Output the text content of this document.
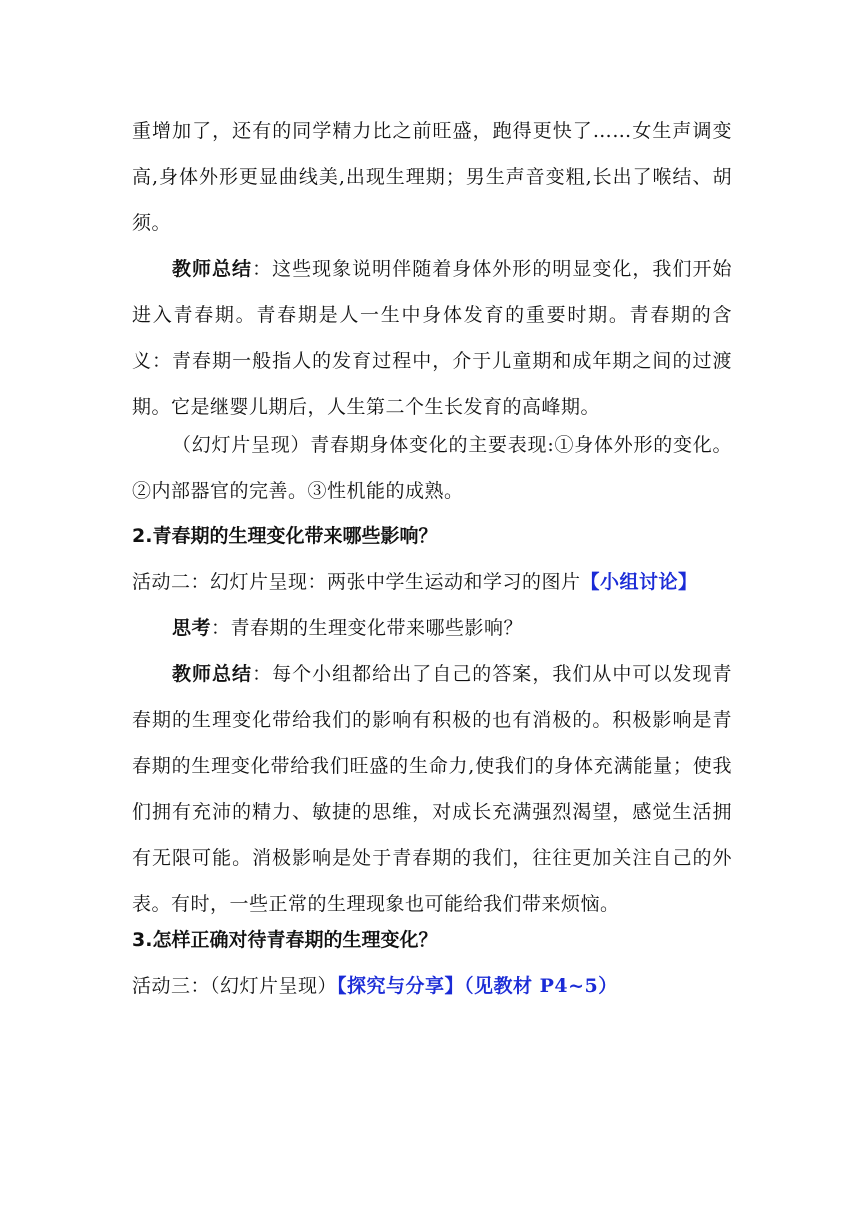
重增加了，还有的同学精力比之前旺盛，跑得更快了……女生声调变高,身体外形更显曲线美,出现生理期；男生声音变粗,长出了喉结、胡须。

教师总结：这些现象说明伴随着身体外形的明显变化，我们开始进入青春期。青春期是人一生中身体发育的重要时期。青春期的含义：青春期一般指人的发育过程中，介于儿童期和成年期之间的过渡期。它是继婴儿期后，人生第二个生长发育的高峰期。

（幻灯片呈现）青春期身体变化的主要表现:①身体外形的变化。②内部器官的完善。③性机能的成熟。

2.青春期的生理变化带来哪些影响？

活动二：幻灯片呈现：两张中学生运动和学习的图片【小组讨论】

思考：青春期的生理变化带来哪些影响？

教师总结：每个小组都给出了自己的答案，我们从中可以发现青春期的生理变化带给我们的影响有积极的也有消极的。积极影响是青春期的生理变化带给我们旺盛的生命力,使我们的身体充满能量；使我们拥有充沛的精力、敏捷的思维，对成长充满强烈渴望，感觉生活拥有无限可能。消极影响是处于青春期的我们，往往更加关注自己的外表。有时，一些正常的生理现象也可能给我们带来烦恼。

3.怎样正确对待青春期的生理变化？

活动三：（幻灯片呈现）【探究与分享】（见教材 P4~5）
